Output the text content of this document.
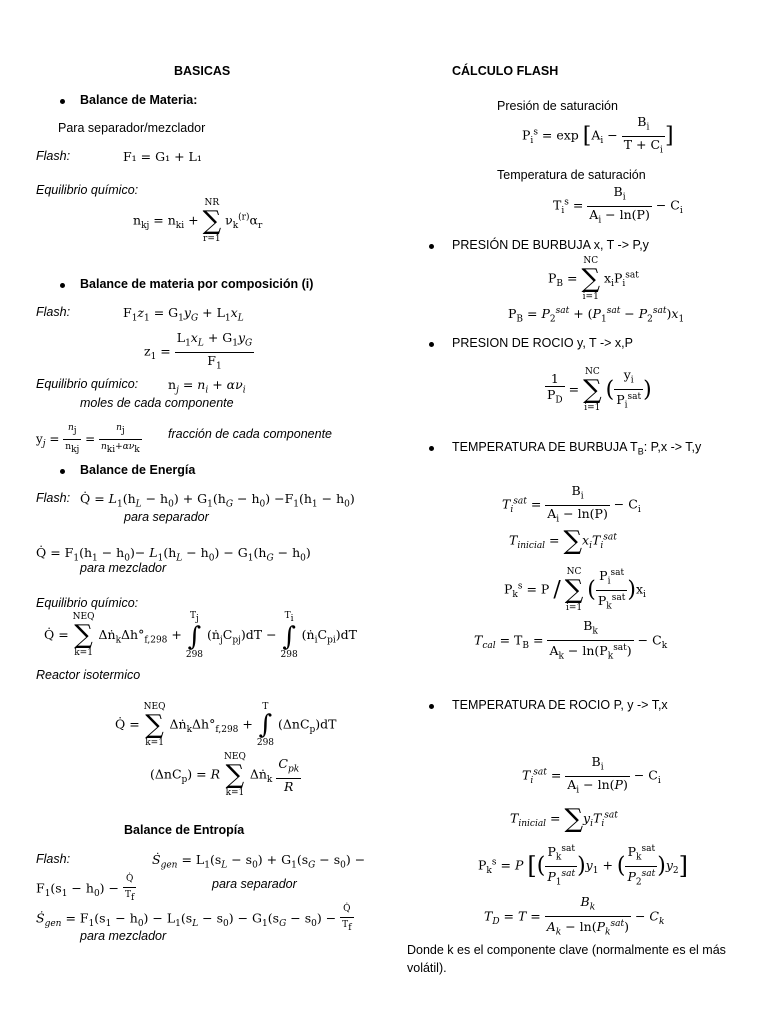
BASICAS
Balance de Materia:
Para separador/mezclador
Flash:	F₁ = G₁ + L₁
Equilibrio químico:
$n_{kj} = n_{ki}$ + NR
∑
r=1 $\nu_k^{(r)}\alpha_r$
Balance de materia por composición (i)
Flash:	$F_1z_1 = G_1y_G + L_1x_L$
$z_1 = \frac{L_1x_L + G_1y_G}{F_1}$
Equilibrio químico: $n_j = n_i + \alpha\nu_i$
moles de cada componente
$y_j$ =
$n_j$
$n_{kj}$
=
$n_j$
$n_{ki}+\alpha\nu_k$
fracción de cada componente
Balance de Energía
Flash: Q̇ = $L_1(h_L - h_0) + G_1(h_G - h_0) -F_1(h_1 - h_0)$
para separador
Q̇ = $F_1(h_1 - h_0)- L_1(h_L - h_0) - G_1(h_G - h_0)$
para mezclador
Equilibrio químico:
Q̇ = NEQ
∑
k=1 $\Delta ṅ_k\Delta h^\circ_{f,298} + T_j$
∫
298 $(ṅ_jC_{pj})dT - T_i$
∫
298 $(ṅ_iC_{pi})dT$
Reactor isotermico
Q̇ = NEQ
∑
k=1 $\Delta ṅ_k\Delta h^\circ_{f,298} + T$
∫
298 (ΔnC$_p$)dT
(ΔnC$_p$) = R NEQ
∑
k=1 Δṅ$_k$
$C_{pk}$
R
Balance de Entropía
Flash:	Ṡ$_{gen}$ = $L_1(s_L - s_0) + G_1(s_G - s_0)$ −
$F_1(s_1 - h_0) - \frac{Q̇}{T_f}$	para separador
Ṡ$_{gen}$ = $F_1(s_1 - h_0) - L_1(s_L - s_0) - G_1(s_G - s_0) - \frac{Q̇}{T_f}$
para mezclador
CÁLCULO FLASH
Presión de saturación
$P_i^s = \exp [A_i - \frac{B_i}{T + C_i}$ ]
Temperatura de saturación
$T_i^s = \frac{B_i}{A_i - \ln(P)} - C_i$
PRESIÓN DE BURBUJA x, T -> P,y
$P_B$ = NC
∑
i=1 $x_iP_i^{sat}$
$P_B = P_2^{sat} + (P_1^{sat} - P_2^{sat})x_1$
PRESION DE ROCIO y, T -> x,P
$\frac{1}{P_D}$ = NC
∑
i=1 (
$y_i$
$P_i^{sat}$ )
TEMPERATURA DE BURBUJA $T_B$: P,x -> T,y
$T_i^{sat} = \frac{B_i}{A_i - \ln(P)} - C_i$
$T_{inicial} = \sum x_iT_i^{sat}$
$P_k^s = P$ / NC
∑
i=1 (
$P_i^{sat}$
$P_k^{sat}$ )$x_i$
$T_{cal} = T_B$ =
$B_k$
$A_k - \ln(P_k^{sat})$
− $C_k$
TEMPERATURA DE ROCIO P, y -> T,x
$T_i^{sat} = \frac{B_i}{A_i - \ln(P)} - C_i$
$T_{inicial} = \sum y_iT_i^{sat}$
$P_k^s = P$ [(
$P_k^{sat}$
$P_1^{sat}$ )$y_1$ + (
$P_k^{sat}$
$P_2^{sat}$ )$y_2$]
$T_D = T$ =
$B_k$
$A_k - \ln(P_k^{sat})$
− $C_k$
Donde k es el componente clave (normalmente es el más volátil).
